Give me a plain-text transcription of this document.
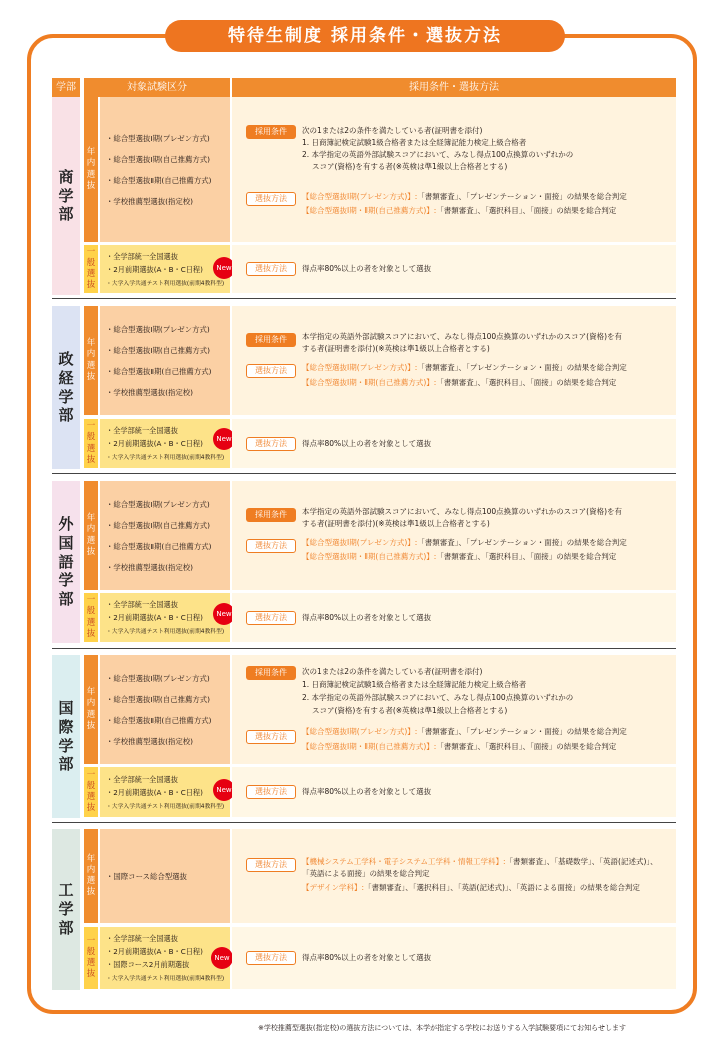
特待生制度 採用条件・選抜方法
学部	対象試験区分	採用条件・選抜方法
商学部
年内選抜
・総合型選抜Ⅰ期(プレゼン方式)
・総合型選抜Ⅰ期(自己推薦方式)
・総合型選抜Ⅱ期(自己推薦方式)
・学校推薦型選抜(指定校)
採用条件	次の1または2の条件を満たしている者(証明書を添付)
1. 日商簿記検定試験1級合格者または全経簿記能力検定上級合格者
2. 本学指定の英語外部試験スコアにおいて、みなし得点100点換算のいずれかの
スコア(資格)を有する者(※英検は準1級以上合格者とする)
選抜方法	【総合型選抜Ⅰ期(プレゼン方式)】:「書類審査」、「プレゼンテーション・面接」の結果を総合判定
【総合型選抜Ⅰ期・Ⅱ期(自己推薦方式)】:「書類審査」、「選択科目」、「面接」の結果を総合判定
一般選抜
・全学部統一全国選抜
・2月前期選抜(A・B・C日程)
・大学入学共通テスト利用選抜(前期4教科型)
New	選抜方法	得点率80%以上の者を対象として選抜
政経学部
年内選抜
・総合型選抜Ⅰ期(プレゼン方式)
・総合型選抜Ⅰ期(自己推薦方式)
・総合型選抜Ⅱ期(自己推薦方式)
・学校推薦型選抜(指定校)
採用条件	本学指定の英語外部試験スコアにおいて、みなし得点100点換算のいずれかのスコア(資格)を有
する者(証明書を添付)(※英検は準1級以上合格者とする)
選抜方法	【総合型選抜Ⅰ期(プレゼン方式)】:「書類審査」、「プレゼンテーション・面接」の結果を総合判定
【総合型選抜Ⅰ期・Ⅱ期(自己推薦方式)】:「書類審査」、「選択科目」、「面接」の結果を総合判定
一般選抜
・全学部統一全国選抜
・2月前期選抜(A・B・C日程)
・大学入学共通テスト利用選抜(前期4教科型)
New	選抜方法	得点率80%以上の者を対象として選抜
外国語学部
年内選抜
・総合型選抜Ⅰ期(プレゼン方式)
・総合型選抜Ⅰ期(自己推薦方式)
・総合型選抜Ⅱ期(自己推薦方式)
・学校推薦型選抜(指定校)
採用条件	本学指定の英語外部試験スコアにおいて、みなし得点100点換算のいずれかのスコア(資格)を有
する者(証明書を添付)(※英検は準1級以上合格者とする)
選抜方法	【総合型選抜Ⅰ期(プレゼン方式)】:「書類審査」、「プレゼンテーション・面接」の結果を総合判定
【総合型選抜Ⅰ期・Ⅱ期(自己推薦方式)】:「書類審査」、「選択科目」、「面接」の結果を総合判定
一般選抜
・全学部統一全国選抜
・2月前期選抜(A・B・C日程)
・大学入学共通テスト利用選抜(前期4教科型)
New	選抜方法	得点率80%以上の者を対象として選抜
国際学部
年内選抜
・総合型選抜Ⅰ期(プレゼン方式)
・総合型選抜Ⅰ期(自己推薦方式)
・総合型選抜Ⅱ期(自己推薦方式)
・学校推薦型選抜(指定校)
採用条件	次の1または2の条件を満たしている者(証明書を添付)
1. 日商簿記検定試験1級合格者または全経簿記能力検定上級合格者
2. 本学指定の英語外部試験スコアにおいて、みなし得点100点換算のいずれかの
スコア(資格)を有する者(※英検は準1級以上合格者とする)
選抜方法
【総合型選抜Ⅰ期(プレゼン方式)】:「書類審査」、「プレゼンテーション・面接」の結果を総合判定
【総合型選抜Ⅰ期・Ⅱ期(自己推薦方式)】:「書類審査」、「選択科目」、「面接」の結果を総合判定
一般選抜
・全学部統一全国選抜
・2月前期選抜(A・B・C日程)
・大学入学共通テスト利用選抜(前期4教科型)
New	選抜方法	得点率80%以上の者を対象として選抜
工学部
年内選抜
・国際コース総合型選抜
選抜方法	【機械システム工学科・電子システム工学科・情報工学科】:「書類審査」、「基礎数学」、「英語(記述式)」、
「英語による面接」の結果を総合判定
【デザイン学科】:「書類審査」、「選択科目」、「英語(記述式)」、「英語による面接」の結果を総合判定
一般選抜
・全学部統一全国選抜
・2月前期選抜(A・B・C日程)
・国際コース2月前期選抜
・大学入学共通テスト利用選抜(前期4教科型)
New	選抜方法	得点率80%以上の者を対象として選抜
※学校推薦型選抜(指定校)の選抜方法については、本学が指定する学校にお送りする入学試験要項にてお知らせします
